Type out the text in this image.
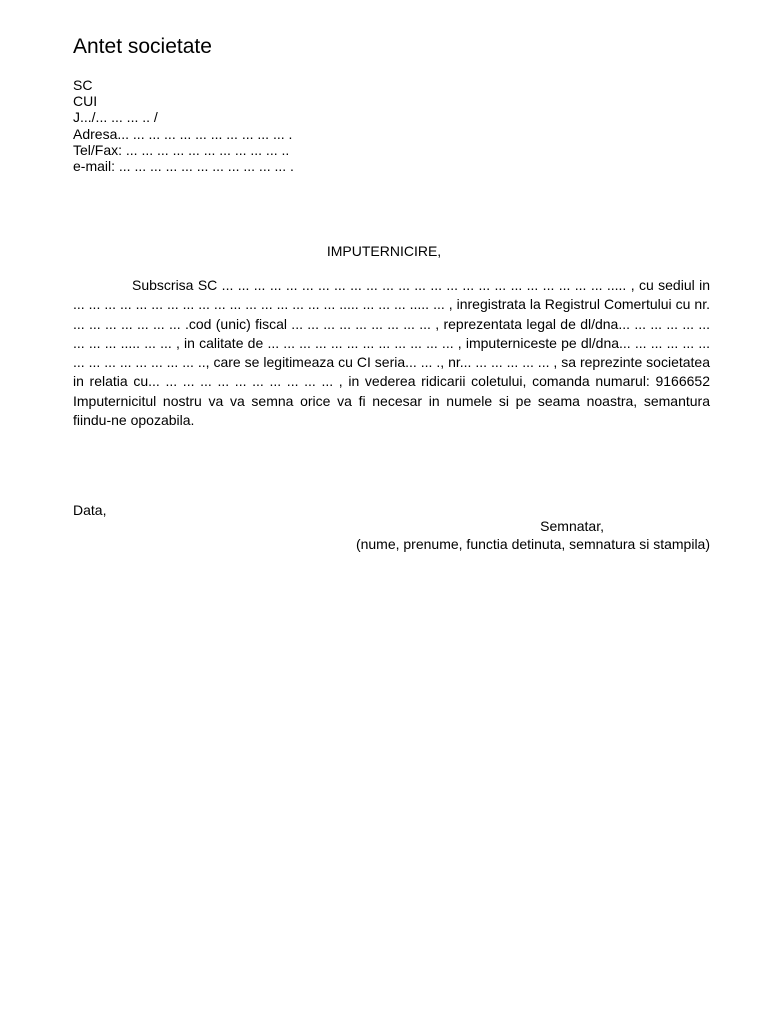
Antet societate
SC
CUI
J.../... ... ... .. /
Adresa... ... ... ... ... ... ... ... ... ... ... .
Tel/Fax: ... ... ... ... ... ... ... ... ... ... ..
e-mail: ... ... ... ... ... ... ... ... ... ... ... .
IMPUTERNICIRE,

Subscrisa SC ... ... ... ... ... ... ... ... ... ... ... ... ... ... ... ... ... ... ... ... ... ... ... ... ..... , cu sediul in ... ... ... ... ... ... ... ... ... ... ... ... ... ... ... ... ... ..... ... ... ... ..... ... , inregistrata la Registrul Comertului cu nr. ... ... ... ... ... ... ... .cod (unic) fiscal ... ... ... ... ... ... ... ... ... , reprezentata legal de dl/dna... ... ... ... ... ... ... ... ... ..... ... ... , in calitate de ... ... ... ... ... ... ... ... ... ... ... ... , imputerniceste pe dl/dna... ... ... ... ... ... ... ... ... ... ... ... ... ... .., care se legitimeaza cu CI seria... ... ., nr... ... ... ... ... ... , sa reprezinte societatea in relatia cu... ... ... ... ... ... ... ... ... ... ... , in vederea ridicarii coletului, comanda numarul: 9166652 Imputernicitul nostru va va semna orice va fi necesar in numele si pe seama noastra, semantura fiindu-ne opozabila.

Data,
Semnatar,
(nume, prenume, functia detinuta, semnatura si stampila)
